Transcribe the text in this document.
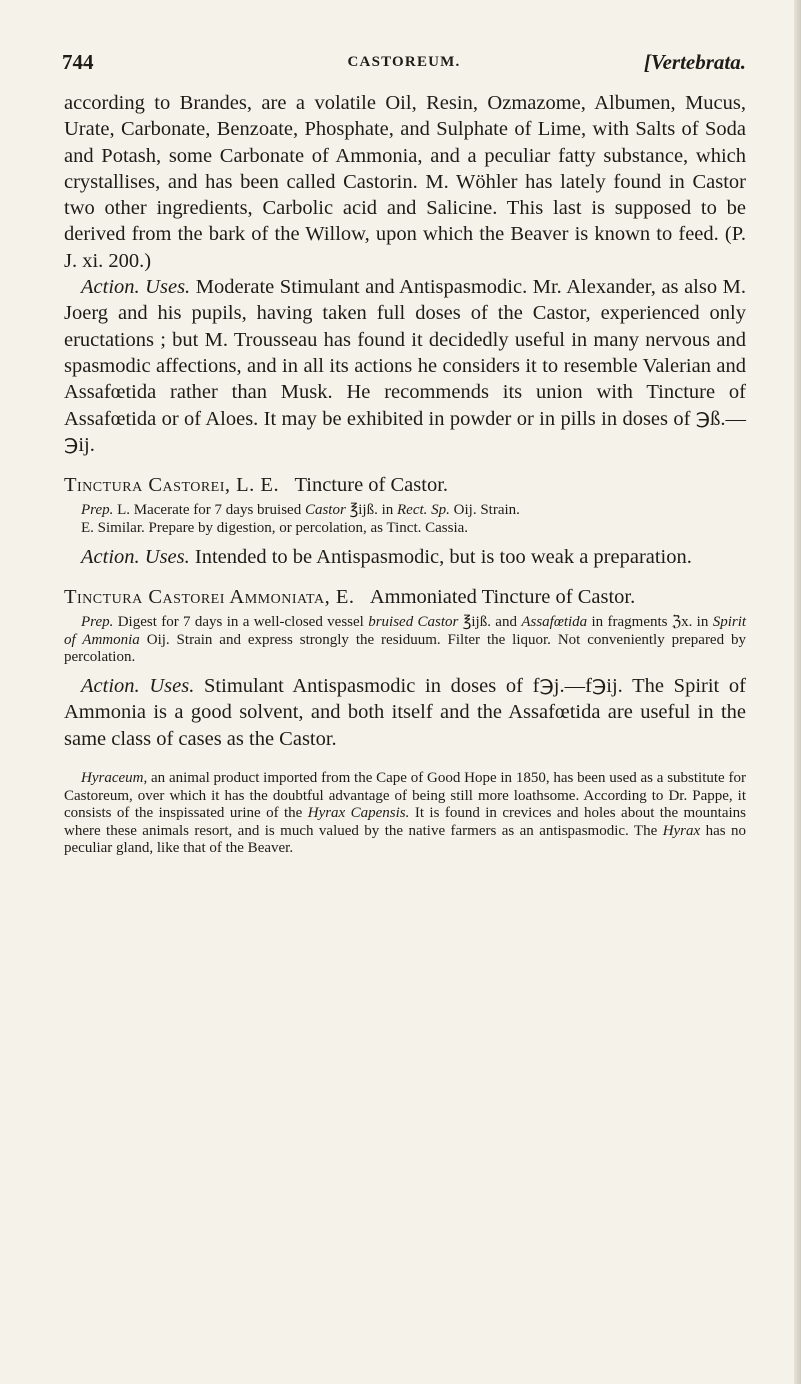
744	CASTOREUM.	[Vertebrata.

according to Brandes, are a volatile Oil, Resin, Ozmazome, Albumen, Mucus, Urate, Carbonate, Benzoate, Phosphate, and Sulphate of Lime, with Salts of Soda and Potash, some Carbonate of Ammonia, and a peculiar fatty substance, which crystallises, and has been called Castorin. M. Wöhler has lately found in Castor two other ingredients, Carbolic acid and Salicine. This last is supposed to be derived from the bark of the Willow, upon which the Beaver is known to feed. (P. J. xi. 200.)

Action. Uses. Moderate Stimulant and Antispasmodic. Mr. Alexander, as also M. Joerg and his pupils, having taken full doses of the Castor, experienced only eructations ; but M. Trousseau has found it decidedly useful in many nervous and spasmodic affections, and in all its actions he considers it to resemble Valerian and Assafœtida rather than Musk. He recommends its union with Tincture of Assafœtida or of Aloes. It may be exhibited in powder or in pills in doses of ℈ß.—℈ij.

Tinctura Castorei, L. E. Tincture of Castor.

Prep. L. Macerate for 7 days bruised Castor ℥ijß. in Rect. Sp. Oij. Strain.

E. Similar. Prepare by digestion, or percolation, as Tinct. Cassia.

Action. Uses. Intended to be Antispasmodic, but is too weak a preparation.

Tinctura Castorei Ammoniata, E. Ammoniated Tincture of Castor.

Prep. Digest for 7 days in a well-closed vessel bruised Castor ℥ijß. and Assafœtida in fragments ℨx. in Spirit of Ammonia Oij. Strain and express strongly the residuum. Filter the liquor. Not conveniently prepared by percolation.

Action. Uses. Stimulant Antispasmodic in doses of f℈j.—f℈ij. The Spirit of Ammonia is a good solvent, and both itself and the Assafœtida are useful in the same class of cases as the Castor.

Hyraceum, an animal product imported from the Cape of Good Hope in 1850, has been used as a substitute for Castoreum, over which it has the doubtful advantage of being still more loathsome. According to Dr. Pappe, it consists of the inspissated urine of the Hyrax Capensis. It is found in crevices and holes about the mountains where these animals resort, and is much valued by the native farmers as an antispasmodic. The Hyrax has no peculiar gland, like that of the Beaver.
